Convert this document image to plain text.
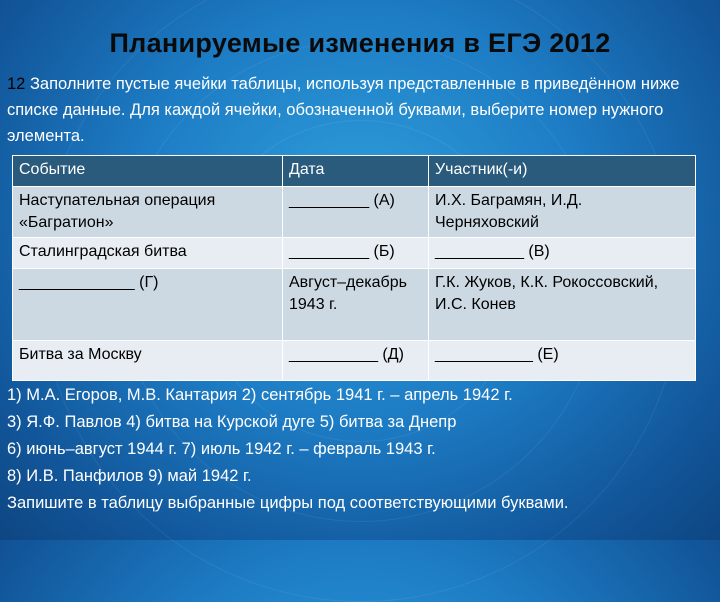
Планируемые изменения в ЕГЭ 2012
12 Заполните пустые ячейки таблицы, используя представленные в приведённом ниже списке данные. Для каждой ячейки, обозначенной буквами, выберите номер нужного элемента.
Событие	Дата	Участник(-и)
Наступательная операция «Багратион»	_________ (А)	И.Х. Баграмян, И.Д. Черняховский
Сталинградская битва	_________ (Б)	__________ (В)
_____________ (Г)	Август–декабрь 1943 г.	Г.К. Жуков, К.К. Рокоссовский, И.С. Конев
Битва за Москву	__________ (Д)	___________ (Е)
1) М.А. Егоров, М.В. Кантария 2) сентябрь 1941 г. – апрель 1942 г.
3) Я.Ф. Павлов 4) битва на Курской дуге 5) битва за Днепр
6) июнь–август 1944 г. 7) июль 1942 г. – февраль 1943 г.
8) И.В. Панфилов 9) май 1942 г.
Запишите в таблицу выбранные цифры под соответствующими буквами.
